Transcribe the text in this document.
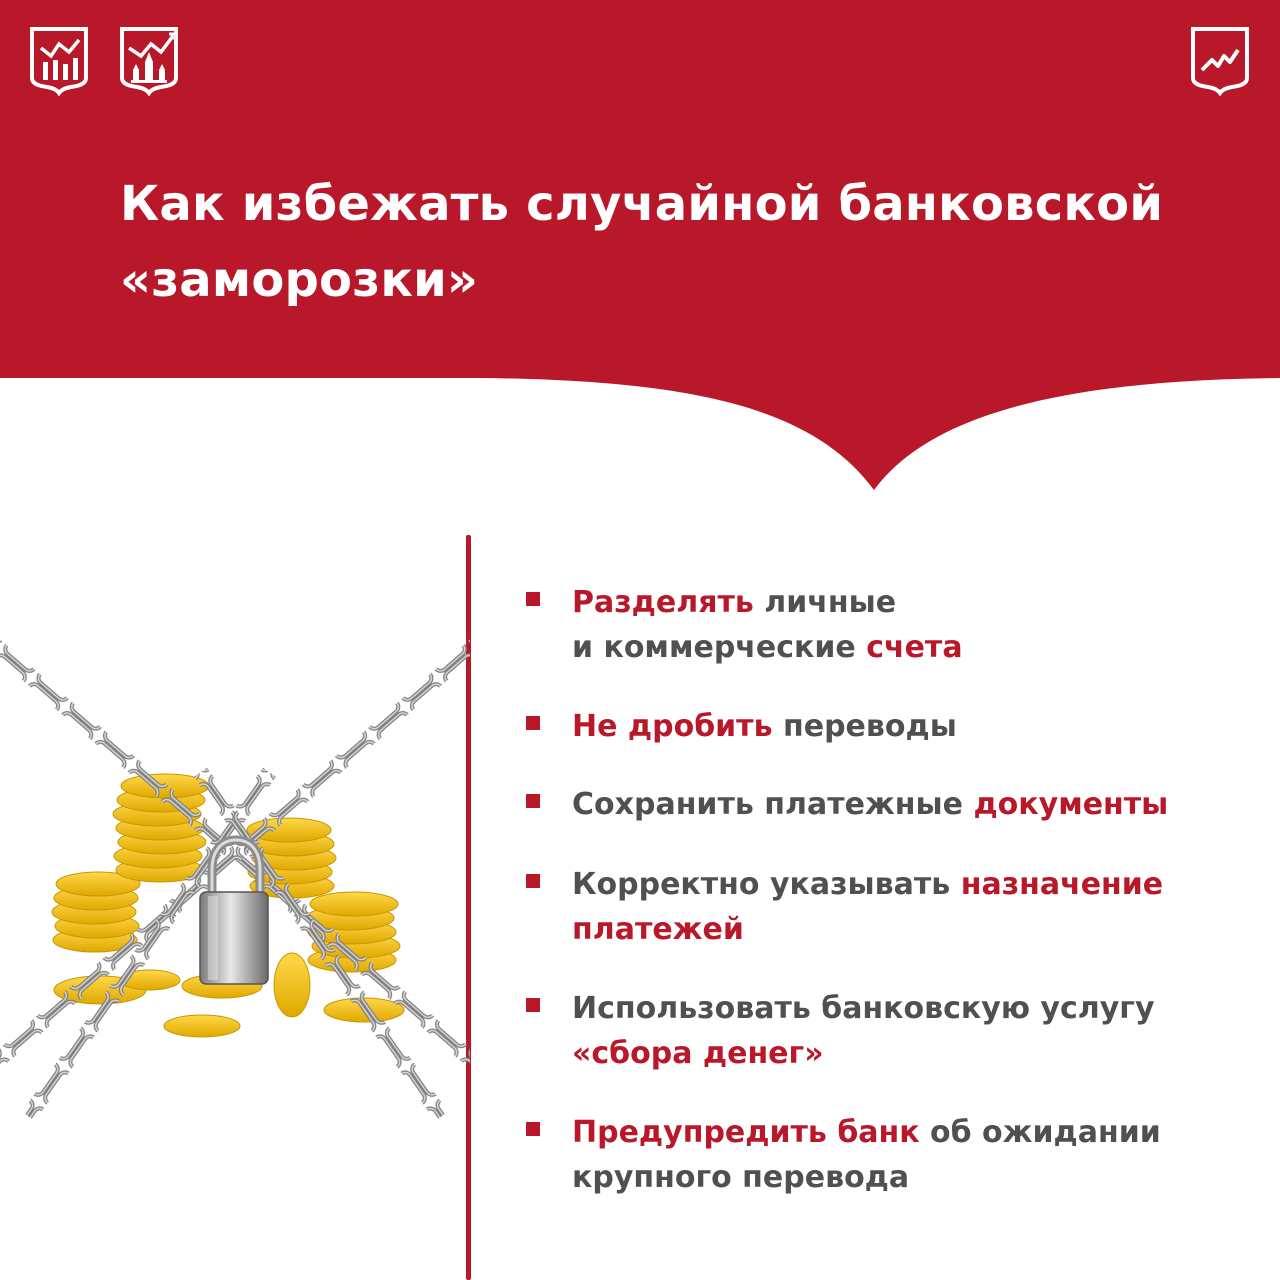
Как избежать случайной банковской
«заморозки»
Разделять личные
и коммерческие счета
Не дробить переводы
Сохранить платежные документы
Корректно указывать назначение
платежей
Использовать банковскую услугу
«сбора денег»
Предупредить банк об ожидании
крупного перевода
